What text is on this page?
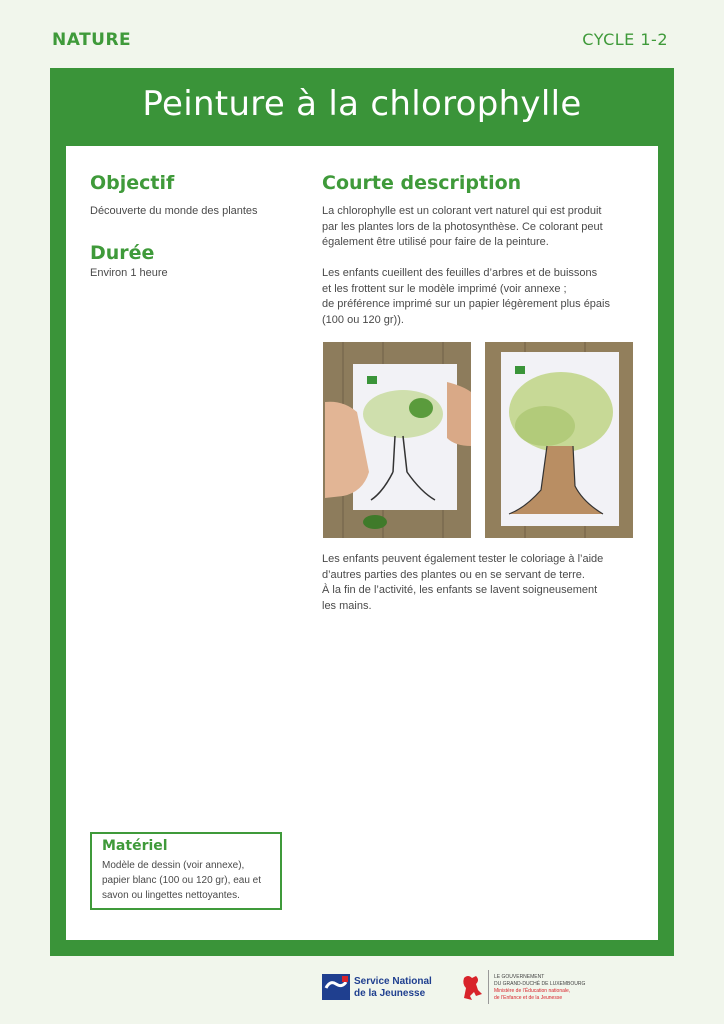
NATURE	CYCLE 1-2
Peinture à la chlorophylle
Objectif
Découverte du monde des plantes
Durée
Environ 1 heure
Courte description
La chlorophylle est un colorant vert naturel qui est produit
par les plantes lors de la photosynthèse. Ce colorant peut
également être utilisé pour faire de la peinture.
Les enfants cueillent des feuilles d’arbres et de buissons
et les frottent sur le modèle imprimé (voir annexe ;
de préférence imprimé sur un papier légèrement plus épais
(100 ou 120 gr)).
Les enfants peuvent également tester le coloriage à l’aide
d’autres parties des plantes ou en se servant de terre.
À la fin de l’activité, les enfants se lavent soigneusement
les mains.
Matériel
Modèle de dessin (voir annexe),
papier blanc (100 ou 120 gr), eau et
savon ou lingettes nettoyantes.
Service National
de la Jeunesse
LE GOUVERNEMENT
DU GRAND-DUCHÉ DE LUXEMBOURG
Ministère de l’Éducation nationale,
de l’Enfance et de la Jeunesse
